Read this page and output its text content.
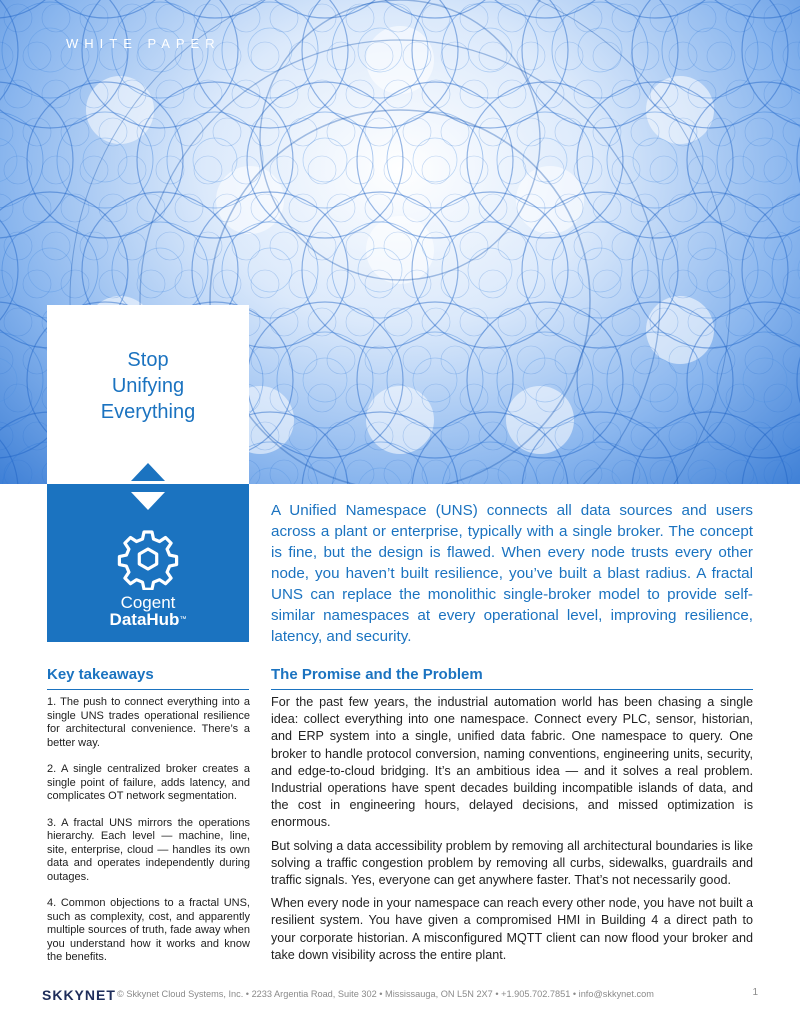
WHITE PAPER
Stop
Unifying
Everything
Cogent
DataHub™

A Unified Namespace (UNS) connects all data sources and users across a plant or enterprise, typically with a single broker. The concept is fine, but the design is flawed. When every node trusts every other node, you haven’t built resilience, you’ve built a blast radius. A fractal UNS can replace the monolithic single-broker model to provide self-similar namespaces at every operational level, improving resilience, latency, and security.

Key takeaways

1. The push to connect everything into a single UNS trades operational resilience for architectural convenience. There’s a better way.

2. A single centralized broker creates a single point of failure, adds latency, and complicates OT network segmentation.

3. A fractal UNS mirrors the operations hierarchy. Each level — machine, line, site, enterprise, cloud — handles its own data and operates independently during outages.

4. Common objections to a fractal UNS, such as complexity, cost, and apparently multiple sources of truth, fade away when you understand how it works and know the benefits.

The Promise and the Problem

For the past few years, the industrial automation world has been chasing a single idea: collect everything into one namespace. Connect every PLC, sensor, historian, and ERP system into a single, unified data fabric. One namespace to query. One broker to handle protocol conversion, naming conventions, engineering units, security, and edge-to-cloud bridging. It’s an ambitious idea — and it solves a real problem. Industrial operations have spent decades building incompatible islands of data, and the cost in engineering hours, delayed decisions, and missed optimization is enormous.

But solving a data accessibility problem by removing all architectural boundaries is like solving a traffic congestion problem by removing all curbs, sidewalks, guardrails and traffic signals. Yes, everyone can get anywhere faster. That’s not necessarily good.

When every node in your namespace can reach every other node, you have not built a resilient system. You have given a compromised HMI in Building 4 a direct path to your corporate historian. A misconfigured MQTT client can now flood your broker and take down visibility across the entire plant.

SKKYNET © Skkynet Cloud Systems, Inc. • 2233 Argentia Road, Suite 302 • Mississauga, ON L5N 2X7 • +1.905.702.7851 • info@skkynet.com	1
